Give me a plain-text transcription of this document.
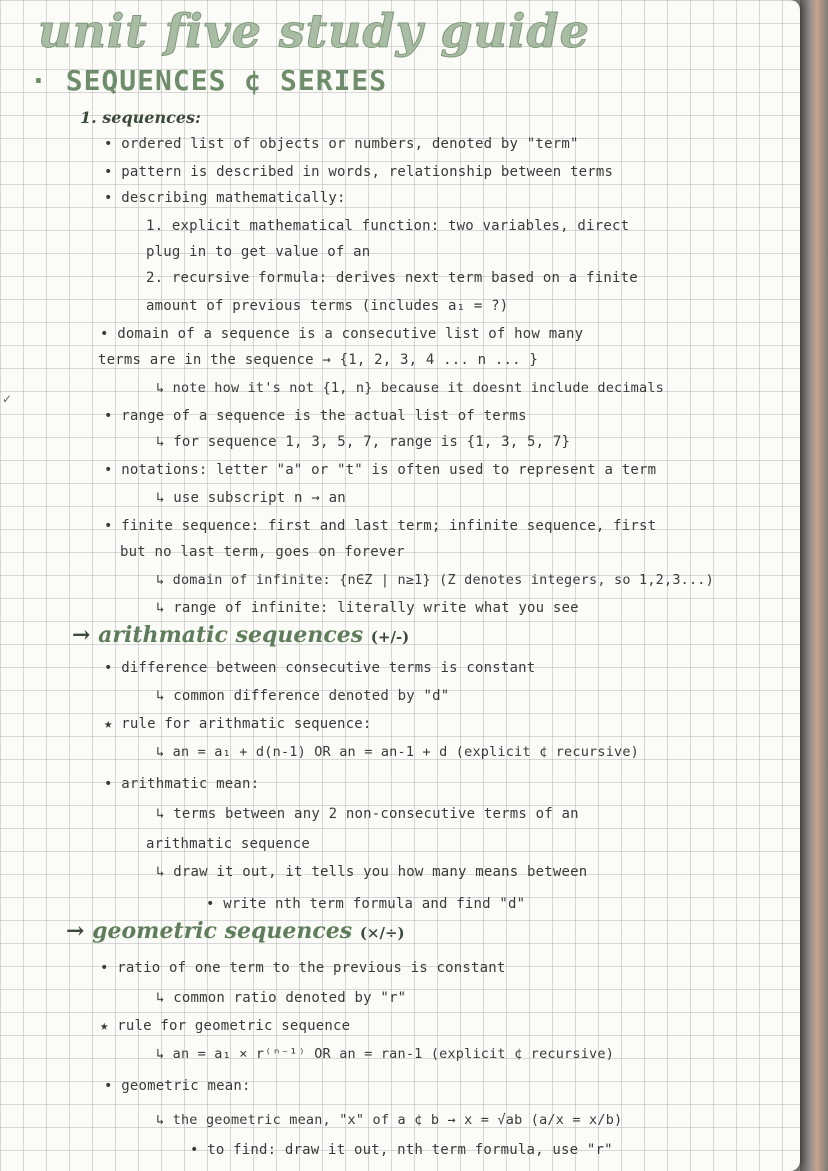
unit five study guide
· SEQUENCES ¢ SERIES
1. sequences:
• ordered list of objects or numbers, denoted by "term"
• pattern is described in words, relationship between terms
• describing mathematically:
1. explicit mathematical function: two variables, direct
plug in to get value of an
2. recursive formula: derives next term based on a finite
amount of previous terms (includes a₁ = ?)
• domain of a sequence is a consecutive list of how many
terms are in the sequence → {1, 2, 3, 4 ... n ... }
↳ note how it's not {1, n} because it doesnt include decimals
• range of a sequence is the actual list of terms
↳ for sequence 1, 3, 5, 7, range is {1, 3, 5, 7}
• notations: letter "a" or "t" is often used to represent a term
↳ use subscript n → an
• finite sequence: first and last term; infinite sequence, first
but no last term, goes on forever
↳ domain of infinite: {n∈Z | n≥1} (Z denotes integers, so 1,2,3...)
↳ range of infinite: literally write what you see
→ arithmatic sequences (+/-)
• difference between consecutive terms is constant
↳ common difference denoted by "d"
★ rule for arithmatic sequence:
↳ an = a₁ + d(n-1) OR an = an-1 + d (explicit ¢ recursive)
• arithmatic mean:
↳ terms between any 2 non-consecutive terms of an
arithmatic sequence
↳ draw it out, it tells you how many means between
• write nth term formula and find "d"
→ geometric sequences (×/÷)
• ratio of one term to the previous is constant
↳ common ratio denoted by "r"
★ rule for geometric sequence
↳ an = a₁ × r⁽ⁿ⁻¹⁾ OR an = ran-1 (explicit ¢ recursive)
• geometric mean:
↳ the geometric mean, "x" of a ¢ b → x = √ab (a/x = x/b)
• to find: draw it out, nth term formula, use "r"
✓
